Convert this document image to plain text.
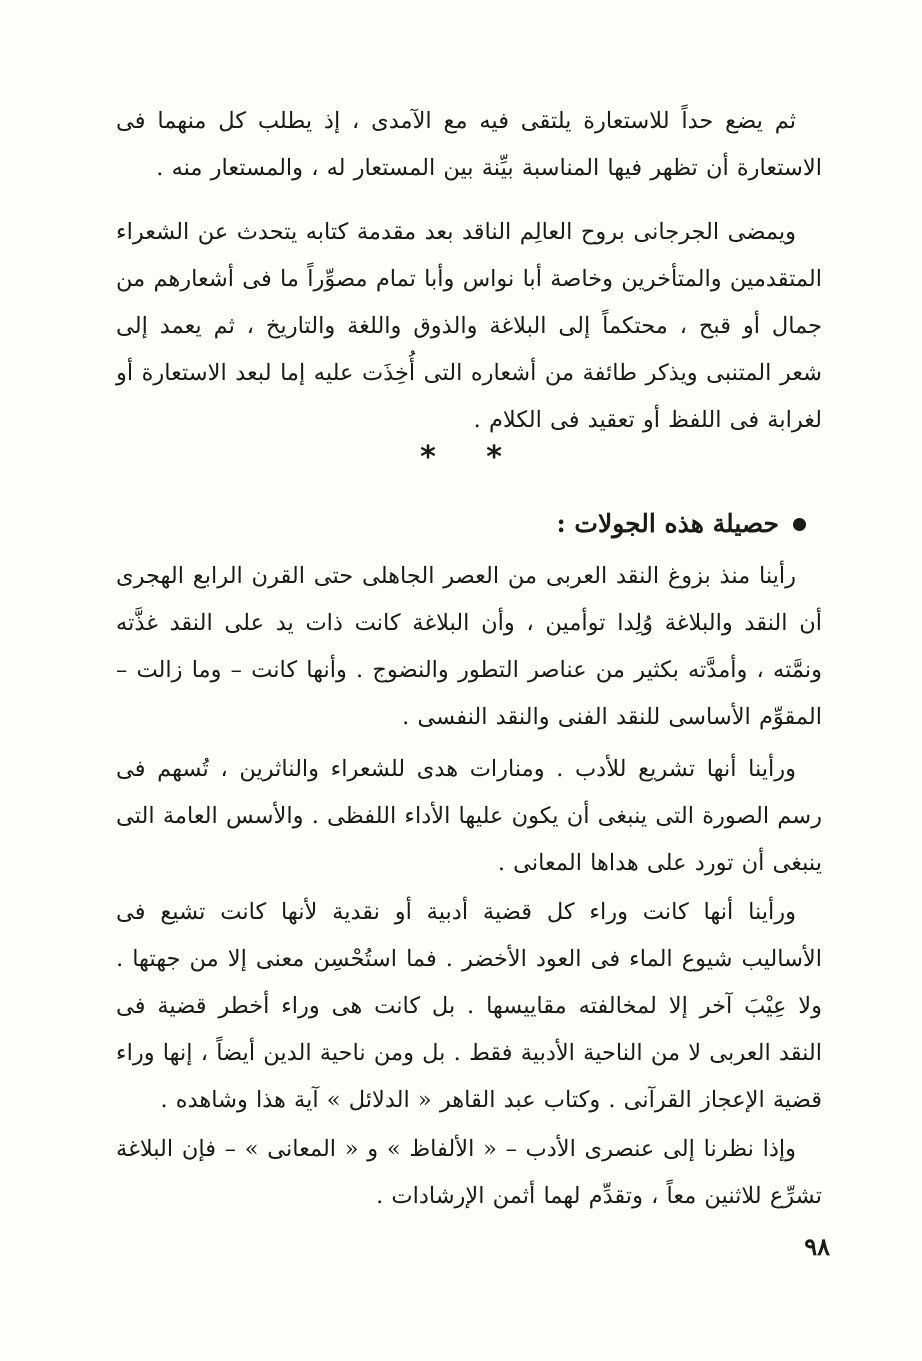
ثم يضع حداً للاستعارة يلتقى فيه مع الآمدى ، إذ يطلب كل منهما فى الاستعارة أن تظهر فيها المناسبة بيِّنة بين المستعار له ، والمستعار منه .

ويمضى الجرجانى بروح العالِم الناقد بعد مقدمة كتابه يتحدث عن الشعراء المتقدمين والمتأخرين وخاصة أبا نواس وأبا تمام مصوِّراً ما فى أشعارهم من جمال أو قبح ، محتكماً إلى البلاغة والذوق واللغة والتاريخ ، ثم يعمد إلى شعر المتنبى ويذكر طائفة من أشعاره التى أُخِذَت عليه إما لبعد الاستعارة أو لغرابة فى اللفظ أو تعقيد فى الكلام .

* *
حصيلة هذه الجولات :

رأينا منذ بزوغ النقد العربى من العصر الجاهلى حتى القرن الرابع الهجرى أن النقد والبلاغة وُلِدا توأمين ، وأن البلاغة كانت ذات يد على النقد غذَّته ونمَّته ، وأمدَّته بكثير من عناصر التطور والنضوج . وأنها كانت – وما زالت – المقوِّم الأساسى للنقد الفنى والنقد النفسى .

ورأينا أنها تشريع للأدب . ومنارات هدى للشعراء والناثرين ، تُسهم فى رسم الصورة التى ينبغى أن يكون عليها الأداء اللفظى . والأسس العامة التى ينبغى أن تورد على هداها المعانى .

ورأينا أنها كانت وراء كل قضية أدبية أو نقدية لأنها كانت تشيع فى الأساليب شيوع الماء فى العود الأخضر . فما استُحْسِن معنى إلا من جهتها . ولا عِيْبَ آخر إلا لمخالفته مقاييسها . بل كانت هى وراء أخطر قضية فى النقد العربى لا من الناحية الأدبية فقط . بل ومن ناحية الدين أيضاً ، إنها وراء قضية الإعجاز القرآنى . وكتاب عبد القاهر « الدلائل » آية هذا وشاهده .

وإذا نظرنا إلى عنصرى الأدب – « الألفاظ » و « المعانى » – فإن البلاغة تشرِّع للاثنين معاً ، وتقدِّم لهما أثمن الإرشادات .

٩٨
